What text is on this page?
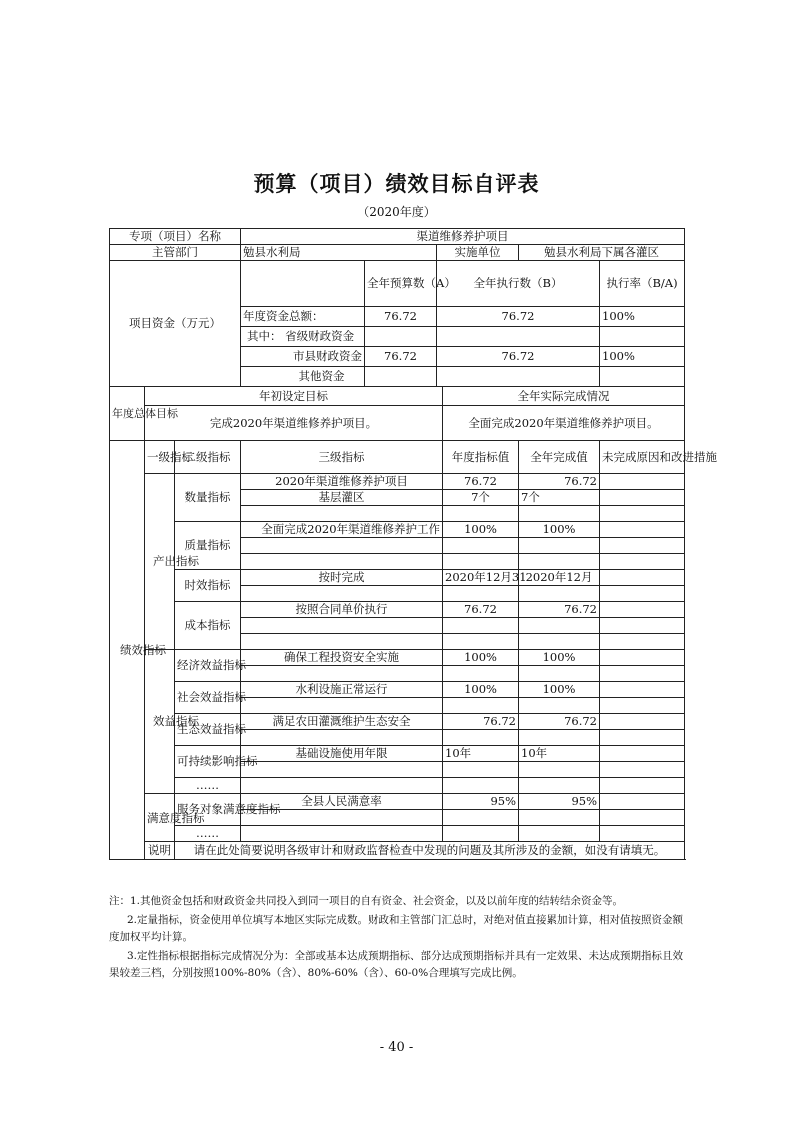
预算（项目）绩效目标自评表
（2020年度）
专项（项目）名称			渠道维修养护项目					
主管部门			勉县水利局		实施单位		勉县水利局下属各灌区	
项目资金（万元）				全年预算数（A）	全年执行数（B）			执行率（B/A)
			年度资金总额：	76.72	76.72			100%
			其中： 省级财政资金					
			市县财政资金	76.72	76.72			100%
			其他资金					
年度总体目标	年初设定目标					全年实际完成情况		
	完成2020年渠道维修养护项目。					全面完成2020年渠道维修养护项目。		
绩效指标	一级指标	二级指标	三级指标			年度指标值	全年完成值	未完成原因和改进措施
	产出指标	数量指标	2020年渠道维修养护项目			76.72	76.72	
			基层灌区			7个	7个	

		质量指标	全面完成2020年渠道维修养护工作			100%	100%	

		时效指标	按时完成			2020年12月31	2020年12月	

		成本指标	按照合同单价执行			76.72	76.72	

	效益指标	经济效益指标	确保工程投资安全实施			100%	100%	

		社会效益指标	水利设施正常运行			100%	100%	

		生态效益指标	满足农田灌溉维护生态安全			76.72	76.72	

		可持续影响指标	基础设施使用年限			10年	10年	

		……						
	满意度指标	服务对象满意度指标	全县人民满意率			95%	95%	

		……						
	说明	请在此处简要说明各级审计和财政监督检查中发现的问题及其所涉及的金额，如没有请填无。						

注：1.其他资金包括和财政资金共同投入到同一项目的自有资金、社会资金，以及以前年度的结转结余资金等。

2.定量指标，资金使用单位填写本地区实际完成数。财政和主管部门汇总时，对绝对值直接累加计算，相对值按照资金额度加权平均计算。

3.定性指标根据指标完成情况分为：全部或基本达成预期指标、部分达成预期指标并具有一定效果、未达成预期指标且效果较差三档，分别按照100%-80%（含）、80%-60%（含）、60-0%合理填写完成比例。

- 40 -
